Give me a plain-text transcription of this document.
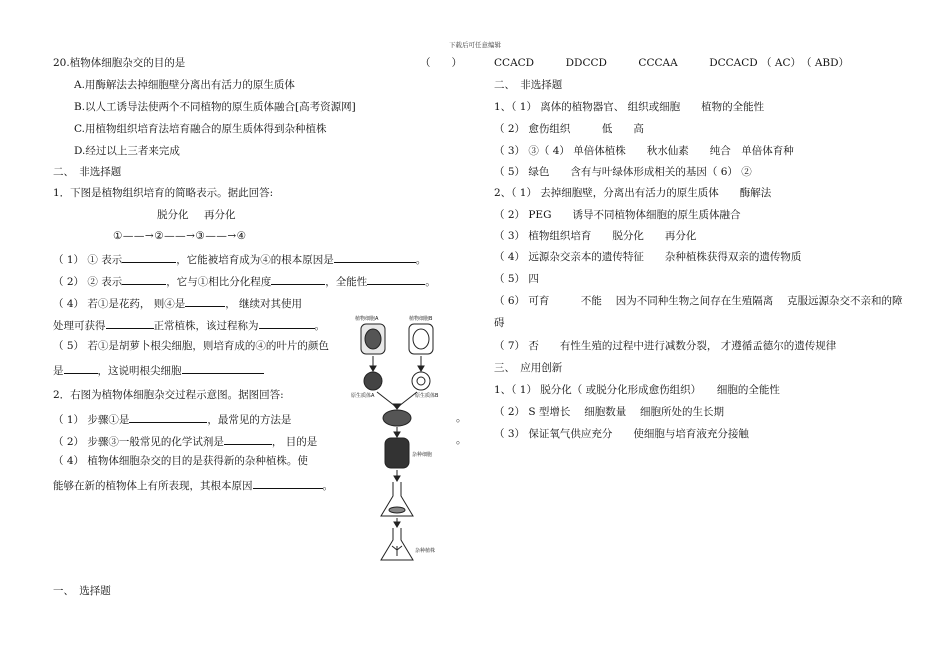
下载后可任意编辑
20.植物体细胞杂交的目的是	（　　）
A.用酶解法去掉细胞壁分离出有活力的原生质体
B.以人工诱导法使两个不同植物的原生质体融合[高考资源网]
C.用植物组织培育法培育融合的原生质体得到杂种植株
D.经过以上三者来完成
二、　非选择题
1．下图是植物组织培育的简略表示。据此回答:
脱分化 再分化
①——→②——→③——→④
（ 1） ① 表示	，它能被培育成为④的根本原因是	。
（ 2） ② 表示	，它与①相比分化程度	，全能性	。
（ 4） 若①是花药， 则④是	， 继续对其使用
处理可获得	正常植株，该过程称为	。
（ 5） 若①是胡萝卜根尖细胞，则培育成的④的叶片的颜色
是	，这说明根尖细胞
2．右图为植物体细胞杂交过程示意图。据图回答:
（ 1） 步骤①是	，最常见的方法是
（ 2） 步骤③一般常见的化学试剂是	， 目的是
（ 4） 植物体细胞杂交的目的是获得新的杂种植株。使
能够在新的植物体上有所表现，其根本原因	。
一、　选择题
。
。
植物细胞A	植物细胞B
原生质体A	原生质体B
杂种细胞
杂种植株
CCACD　　　DDCCD　　　CCCAA　　　DCCACD （ AC）　（ ABD）
二、　非选择题
1、（ 1） 离体的植物器官、 组织或细胞　　植物的全能性
（ 2） 愈伤组织　　　低　　高
（ 3） ③（ 4） 单倍体植株　　秋水仙素　　纯合　单倍体育种
（ 5） 绿色　　含有与叶绿体形成相关的基因（ 6） ②
2、（ 1） 去掉细胞壁，分离出有活力的原生质体　　酶解法
（ 2） PEG　　诱导不同植物体细胞的原生质体融合
（ 3） 植物组织培育　　脱分化　　再分化
（ 4） 远源杂交亲本的遗传特征　　杂种植株获得双亲的遗传物质
（ 5） 四
（ 6） 可育　　　不能　 因为不同种生物之间存在生殖隔离　 克服远源杂交不亲和的障
碍
（ 7） 否　　有性生殖的过程中进行减数分裂， 才遵循孟德尔的遗传规律
三、　应用创新
1、（ 1） 脱分化（ 或脱分化形成愈伤组织）　　细胞的全能性
（ 2） S 型增长　 细胞数量　 细胞所处的生长期
（ 3） 保证氧气供应充分　　使细胞与培育液充分接触
